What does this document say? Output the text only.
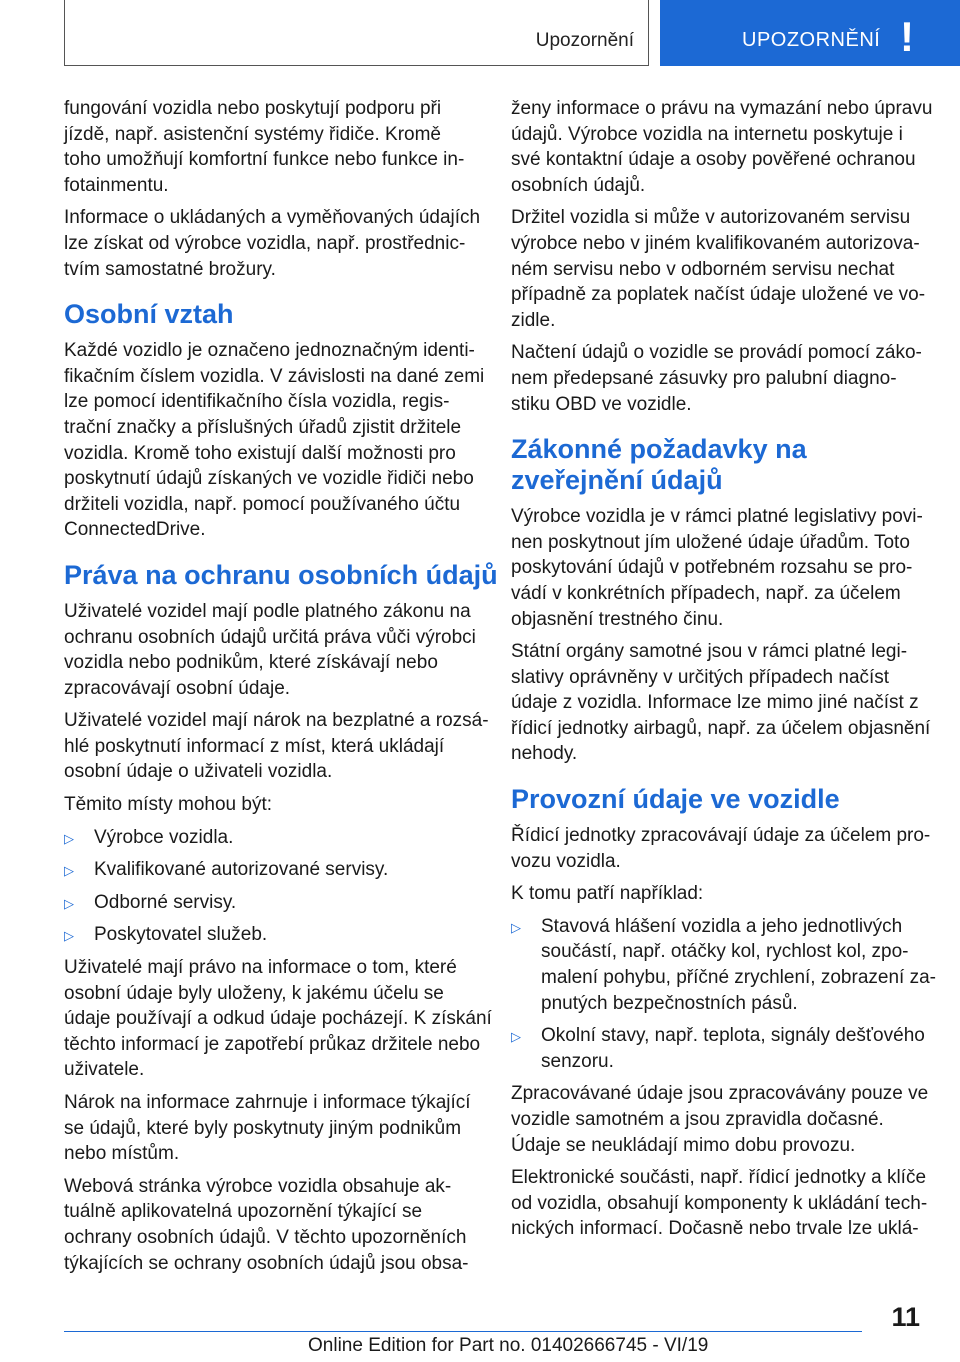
Upozornění	UPOZORNĚNÍ !

fungování vozidla nebo poskytují podporu při
jízdě, např. asistenční systémy řidiče. Kromě
toho umožňují komfortní funkce nebo funkce in‐
fotainmentu.

Informace o ukládaných a vyměňovaných údajích
lze získat od výrobce vozidla, např. prostřednic‐
tvím samostatné brožury.

Osobní vztah

Každé vozidlo je označeno jednoznačným identi‐
fikačním číslem vozidla. V závislosti na dané zemi
lze pomocí identifikačního čísla vozidla, regis‐
trační značky a příslušných úřadů zjistit držitele
vozidla. Kromě toho existují další možnosti pro
poskytnutí údajů získaných ve vozidle řidiči nebo
držiteli vozidla, např. pomocí používaného účtu
ConnectedDrive.

Práva na ochranu osobních údajů

Uživatelé vozidel mají podle platného zákonu na
ochranu osobních údajů určitá práva vůči výrobci
vozidla nebo podnikům, které získávají nebo
zpracovávají osobní údaje.

Uživatelé vozidel mají nárok na bezplatné a rozsá‐
hlé poskytnutí informací z míst, která ukládají
osobní údaje o uživateli vozidla.

Těmito místy mohou být:

▷ Výrobce vozidla.
▷ Kvalifikované autorizované servisy.
▷ Odborné servisy.
▷ Poskytovatel služeb.

Uživatelé mají právo na informace o tom, které
osobní údaje byly uloženy, k jakému účelu se
údaje používají a odkud údaje pocházejí. K získání
těchto informací je zapotřebí průkaz držitele nebo
uživatele.

Nárok na informace zahrnuje i informace týkající
se údajů, které byly poskytnuty jiným podnikům
nebo místům.

Webová stránka výrobce vozidla obsahuje ak‐
tuálně aplikovatelná upozornění týkající se
ochrany osobních údajů. V těchto upozorněních
týkajících se ochrany osobních údajů jsou obsa‐

ženy informace o právu na vymazání nebo úpravu
údajů. Výrobce vozidla na internetu poskytuje i
své kontaktní údaje a osoby pověřené ochranou
osobních údajů.

Držitel vozidla si může v autorizovaném servisu
výrobce nebo v jiném kvalifikovaném autorizova‐
ném servisu nebo v odborném servisu nechat
případně za poplatek načíst údaje uložené ve vo‐
zidle.

Načtení údajů o vozidle se provádí pomocí záko‐
nem předepsané zásuvky pro palubní diagno‐
stiku OBD ve vozidle.

Zákonné požadavky na
zveřejnění údajů

Výrobce vozidla je v rámci platné legislativy povi‐
nen poskytnout jím uložené údaje úřadům. Toto
poskytování údajů v potřebném rozsahu se pro‐
vádí v konkrétních případech, např. za účelem
objasnění trestného činu.

Státní orgány samotné jsou v rámci platné legi‐
slativy oprávněny v určitých případech načíst
údaje z vozidla. Informace lze mimo jiné načíst z
řídicí jednotky airbagů, např. za účelem objasnění
nehody.

Provozní údaje ve vozidle

Řídicí jednotky zpracovávají údaje za účelem pro‐
vozu vozidla.

K tomu patří například:

▷ Stavová hlášení vozidla a jeho jednotlivých
součástí, např. otáčky kol, rychlost kol, zpo‐
malení pohybu, příčné zrychlení, zobrazení za‐
pnutých bezpečnostních pásů.
▷ Okolní stavy, např. teplota, signály dešťového
senzoru.

Zpracovávané údaje jsou zpracovávány pouze ve
vozidle samotném a jsou zpravidla dočasné.
Údaje se neukládají mimo dobu provozu.

Elektronické součásti, např. řídicí jednotky a klíče
od vozidla, obsahují komponenty k ukládání tech‐
nických informací. Dočasně nebo trvale lze uklá‐

11
Online Edition for Part no. 01402666745 - VI/19
